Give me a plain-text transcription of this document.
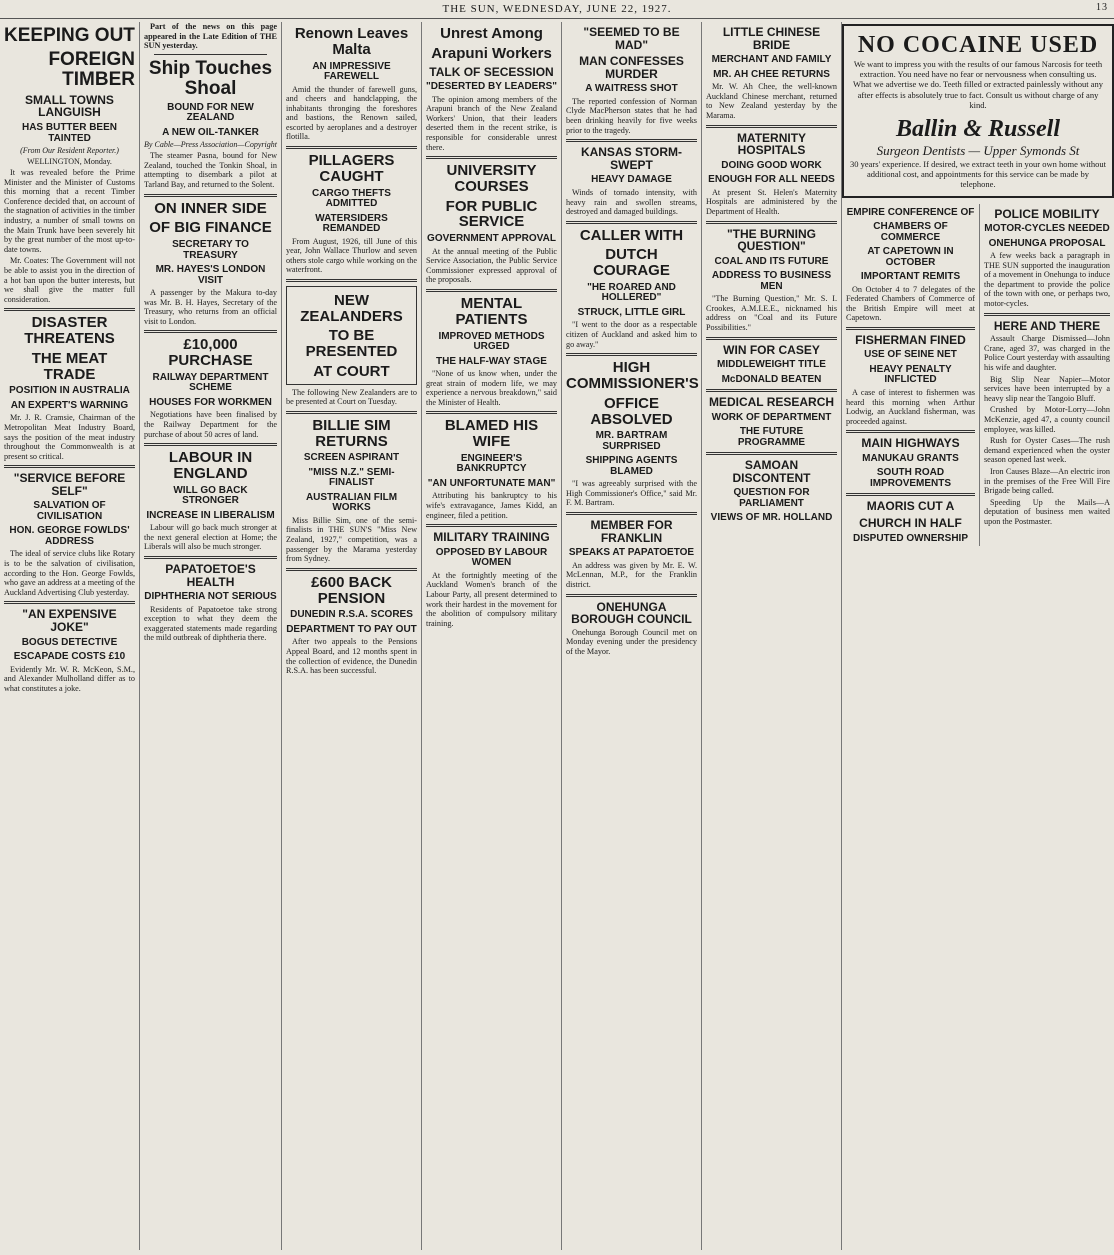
THE SUN, WEDNESDAY, JUNE 22, 1927.	13
KEEPING OUT
FOREIGN TIMBER
SMALL TOWNS LANGUISH
HAS BUTTER BEEN TAINTED
(From Our Resident Reporter.)
WELLINGTON, Monday.

It was revealed before the Prime Minister and the Minister of Customs this morning that a recent Timber Conference decided that, on account of the stagnation of activities in the timber industry, a number of small towns on the Main Trunk have been severely hit by the great number of the most up-to-date towns.

Mr. Coates: The Government will not be able to assist you in the direction of a hot ban upon the butter interests, but we shall give the matter full consideration.

DISASTER THREATENS
THE MEAT TRADE
POSITION IN AUSTRALIA
AN EXPERT'S WARNING

Mr. J. R. Cramsie, Chairman of the Metropolitan Meat Industry Board, says the position of the meat industry throughout the Commonwealth is at present so critical.

"SERVICE BEFORE SELF"
SALVATION OF CIVILISATION
HON. GEORGE FOWLDS' ADDRESS

The ideal of service clubs like Rotary is to be the salvation of civilisation, according to the Hon. George Fowlds, who gave an address at a meeting of the Auckland Advertising Club yesterday.

"AN EXPENSIVE JOKE"
BOGUS DETECTIVE
ESCAPADE COSTS £10

Evidently Mr. W. R. McKeon, S.M., and Alexander Mulholland differ as to what constitutes a joke.

Part of the news on this page appeared in the Late Edition of THE SUN yesterday.

Ship Touches Shoal
BOUND FOR NEW ZEALAND
A NEW OIL-TANKER
By Cable—Press Association—Copyright

The steamer Pasna, bound for New Zealand, touched the Tonkin Shoal, in attempting to disembark a pilot at Tarland Bay, and returned to the Solent.

ON INNER SIDE
OF BIG FINANCE
SECRETARY TO TREASURY
MR. HAYES'S LONDON VISIT

A passenger by the Makura to-day was Mr. B. H. Hayes, Secretary of the Treasury, who returns from an official visit to London.

£10,000 PURCHASE
RAILWAY DEPARTMENT SCHEME
HOUSES FOR WORKMEN

Negotiations have been finalised by the Railway Department for the purchase of about 50 acres of land.

LABOUR IN ENGLAND
WILL GO BACK STRONGER
INCREASE IN LIBERALISM

Labour will go back much stronger at the next general election at Home; the Liberals will also be much stronger.

PAPATOETOE'S HEALTH
DIPHTHERIA NOT SERIOUS

Residents of Papatoetoe take strong exception to what they deem the exaggerated statements made regarding the mild outbreak of diphtheria there.

Renown Leaves Malta
AN IMPRESSIVE FAREWELL

Amid the thunder of farewell guns, and cheers and handclapping, the inhabitants thronging the foreshores and bastions, the Renown sailed, escorted by aeroplanes and a destroyer flotilla.

PILLAGERS CAUGHT
CARGO THEFTS ADMITTED
WATERSIDERS REMANDED

From August, 1926, till June of this year, John Wallace Thurlow and seven others stole cargo while working on the waterfront.

NEW ZEALANDERS
TO BE PRESENTED
AT COURT

The following New Zealanders are to be presented at Court on Tuesday.

BILLIE SIM RETURNS
SCREEN ASPIRANT
"MISS N.Z." SEMI-FINALIST
AUSTRALIAN FILM WORKS

Miss Billie Sim, one of the semi-finalists in THE SUN'S "Miss New Zealand, 1927," competition, was a passenger by the Marama yesterday from Sydney.

£600 BACK PENSION
DUNEDIN R.S.A. SCORES
DEPARTMENT TO PAY OUT

After two appeals to the Pensions Appeal Board, and 12 months spent in the collection of evidence, the Dunedin R.S.A. has been successful.

Unrest Among
Arapuni Workers
TALK OF SECESSION
"DESERTED BY LEADERS"

The opinion among members of the Arapuni branch of the New Zealand Workers' Union, that their leaders deserted them in the recent strike, is responsible for considerable unrest there.

UNIVERSITY COURSES
FOR PUBLIC SERVICE
GOVERNMENT APPROVAL

At the annual meeting of the Public Service Association, the Public Service Commissioner expressed approval of the proposals.

MENTAL PATIENTS
IMPROVED METHODS URGED
THE HALF-WAY STAGE

"None of us know when, under the great strain of modern life, we may experience a nervous breakdown," said the Minister of Health.

BLAMED HIS WIFE
ENGINEER'S BANKRUPTCY
"AN UNFORTUNATE MAN"

Attributing his bankruptcy to his wife's extravagance, James Kidd, an engineer, filed a petition.

MILITARY TRAINING
OPPOSED BY LABOUR WOMEN

At the fortnightly meeting of the Auckland Women's branch of the Labour Party, all present determined to work their hardest in the movement for the abolition of compulsory military training.

"SEEMED TO BE MAD"
MAN CONFESSES MURDER
A WAITRESS SHOT

The reported confession of Norman Clyde MacPherson states that he had been drinking heavily for five weeks prior to the tragedy.

KANSAS STORM-SWEPT
HEAVY DAMAGE

Winds of tornado intensity, with heavy rain and swollen streams, destroyed and damaged buildings.

CALLER WITH
DUTCH COURAGE
"HE ROARED AND HOLLERED"
STRUCK, LITTLE GIRL

"I went to the door as a respectable citizen of Auckland and asked him to go away."

HIGH COMMISSIONER'S
OFFICE ABSOLVED
MR. BARTRAM SURPRISED
SHIPPING AGENTS BLAMED

"I was agreeably surprised with the High Commissioner's Office," said Mr. F. M. Bartram.

MEMBER FOR FRANKLIN
SPEAKS AT PAPATOETOE

An address was given by Mr. E. W. McLennan, M.P., for the Franklin district.

ONEHUNGA BOROUGH COUNCIL

Onehunga Borough Council met on Monday evening under the presidency of the Mayor.

LITTLE CHINESE BRIDE
MERCHANT AND FAMILY
MR. AH CHEE RETURNS

Mr. W. Ah Chee, the well-known Auckland Chinese merchant, returned to New Zealand yesterday by the Marama.

MATERNITY HOSPITALS
DOING GOOD WORK
ENOUGH FOR ALL NEEDS

At present St. Helen's Maternity Hospitals are administered by the Department of Health.

"THE BURNING QUESTION"
COAL AND ITS FUTURE
ADDRESS TO BUSINESS MEN

"The Burning Question," Mr. S. I. Crookes, A.M.I.E.E., nicknamed his address on "Coal and its Future Possibilities."

WIN FOR CASEY
MIDDLEWEIGHT TITLE
McDONALD BEATEN
MEDICAL RESEARCH
WORK OF DEPARTMENT
THE FUTURE PROGRAMME
SAMOAN DISCONTENT
QUESTION FOR PARLIAMENT
VIEWS OF MR. HOLLAND
NO COCAINE USED
We want to impress you with the results of our famous Narcosis for teeth extraction. You need have no fear or nervousness when consulting us. What we advertise we do. Teeth filled or extracted painlessly without any after effects is absolutely true to fact. Consult us without charge of any kind.
Ballin & Russell
Surgeon Dentists — Upper Symonds St
30 years' experience. If desired, we extract teeth in your own home without additional cost, and appointments for this service can be made by telephone.
EMPIRE CONFERENCE OF
CHAMBERS OF COMMERCE
AT CAPETOWN IN OCTOBER
IMPORTANT REMITS

On October 4 to 7 delegates of the Federated Chambers of Commerce of the British Empire will meet at Capetown.

FISHERMAN FINED
USE OF SEINE NET
HEAVY PENALTY INFLICTED

A case of interest to fishermen was heard this morning when Arthur Lodwig, an Auckland fisherman, was proceeded against.

MAIN HIGHWAYS
MANUKAU GRANTS
SOUTH ROAD IMPROVEMENTS
MAORIS CUT A
CHURCH IN HALF
DISPUTED OWNERSHIP
POLICE MOBILITY
MOTOR-CYCLES NEEDED
ONEHUNGA PROPOSAL

A few weeks back a paragraph in THE SUN supported the inauguration of a movement in Onehunga to induce the department to provide the police of the town with one, or perhaps two, motor-cycles.

HERE AND THERE

Assault Charge Dismissed—John Crane, aged 37, was charged in the Police Court yesterday with assaulting his wife and daughter.

Big Slip Near Napier—Motor services have been interrupted by a heavy slip near the Tangoio Bluff.

Crushed by Motor-Lorry—John McKenzie, aged 47, a county council employee, was killed.

Rush for Oyster Cases—The rush demand experienced when the oyster season opened last week.

Iron Causes Blaze—An electric iron in the premises of the Free Will Fire Brigade being called.

Speeding Up the Mails—A deputation of business men waited upon the Postmaster.
